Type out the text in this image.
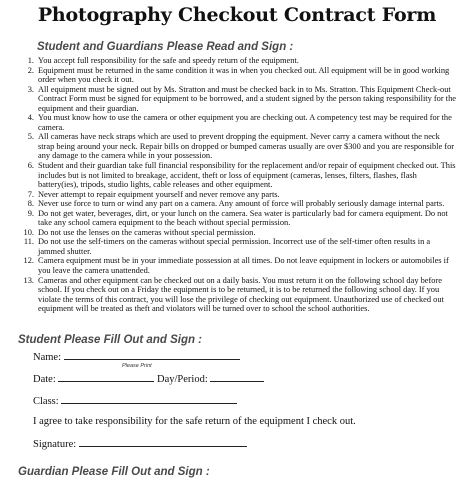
Photography Checkout Contract Form
Student and Guardians Please Read and Sign :
1. You accept full responsibility for the safe and speedy return of the equipment.
2. Equipment must be returned in the same condition it was in when you checked out. All equipment will be in good working order when you check it out.
3. All equipment must be signed out by Ms. Stratton and must be checked back in to Ms. Stratton. This Equipment Check-out Contract Form must be signed for equipment to be borrowed, and a student signed by the person taking responsibility for the equipment and their guardian.
4. You must know how to use the camera or other equipment you are checking out. A competency test may be required for the camera.
5. All cameras have neck straps which are used to prevent dropping the equipment. Never carry a camera without the neck strap being around your neck. Repair bills on dropped or bumped cameras usually are over $300 and you are responsible for any damage to the camera while in your possession.
6. Student and their guardian take full financial responsibility for the replacement and/or repair of equipment checked out. This includes but is not limited to breakage, accident, theft or loss of equipment (cameras, lenses, filters, flashes, flash battery(ies), tripods, studio lights, cable releases and other equipment.
7. Never attempt to repair equipment yourself and never remove any parts.
8. Never use force to turn or wind any part on a camera. Any amount of force will probably seriously damage internal parts.
9. Do not get water, beverages, dirt, or your lunch on the camera. Sea water is particularly bad for camera equipment. Do not take any school camera equipment to the beach without special permission.
10. Do not use the lenses on the cameras without special permission.
11. Do not use the self-timers on the cameras without special permission. Incorrect use of the self-timer often results in a jammed shutter.
12. Camera equipment must be in your immediate possession at all times. Do not leave equipment in lockers or automobiles if you leave the camera unattended.
13. Cameras and other equipment can be checked out on a daily basis. You must return it on the following school day before school. If you check out on a Friday the equipment is to be returned, it is to be returned the following school day. If you violate the terms of this contract, you will lose the privilege of checking out equipment. Unauthorized use of checked out equipment will be treated as theft and violators will be turned over to school the school authorities.
Student Please Fill Out and Sign :
Name:
Please Print
Date:	Day/Period:
Class:
I agree to take responsibility for the safe return of the equipment I check out.
Signature:
Guardian Please Fill Out and Sign :
